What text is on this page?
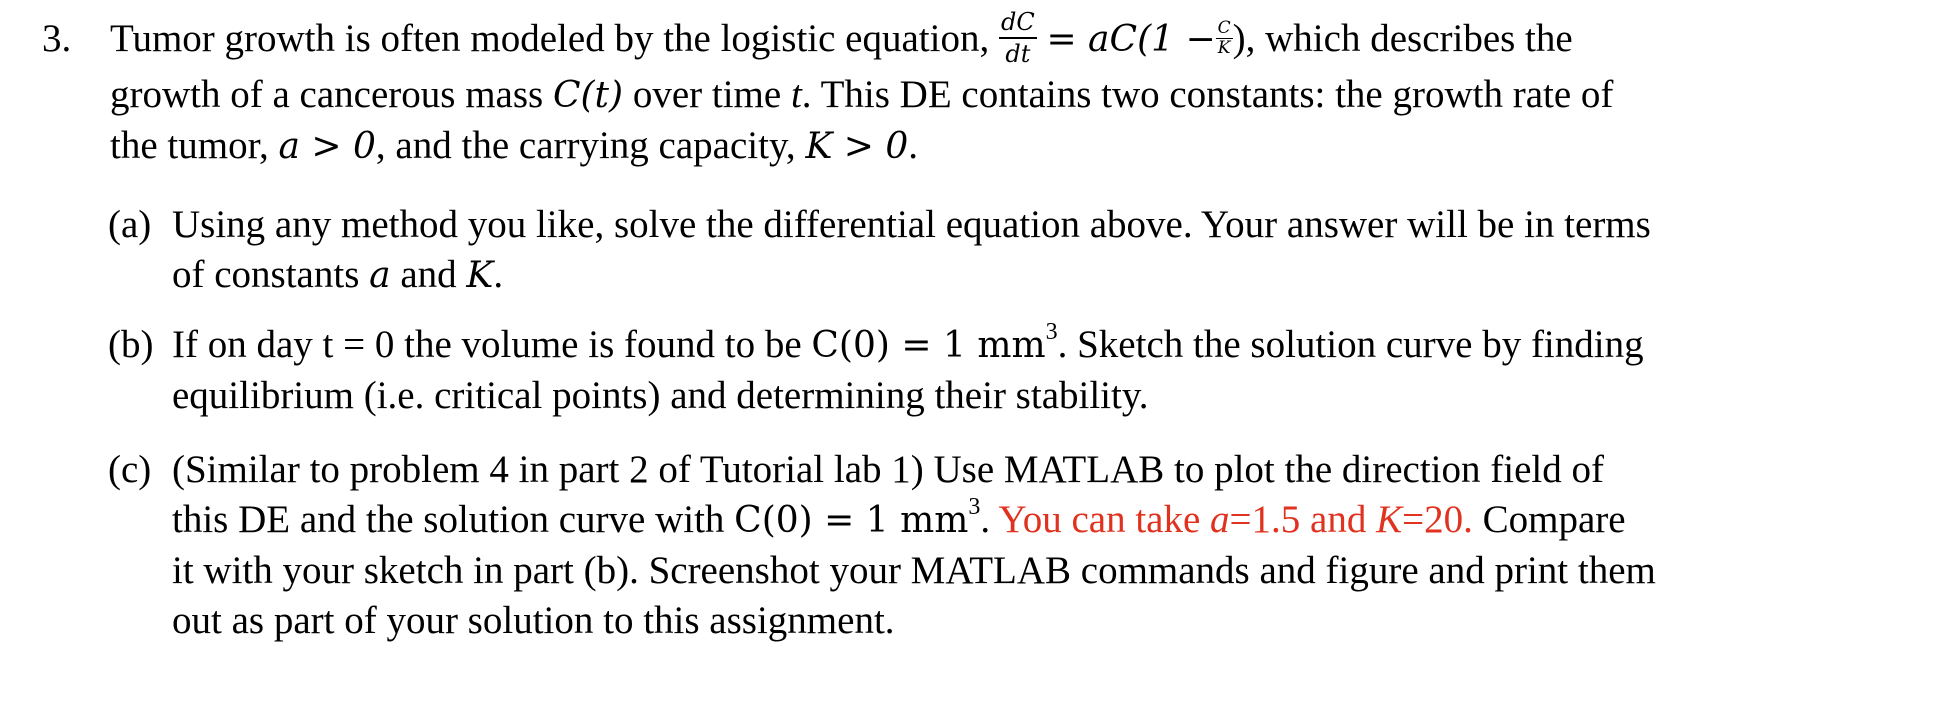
3. Tumor growth is often modeled by the logistic equation, $\frac{dC}{dt} = aC(1 - \frac{C}{K}$ ), which describes the
growth of a cancerous mass C(t) over time t. This DE contains two constants: the growth rate of
the tumor, a > 0, and the carrying capacity, K > 0.
(a) Using any method you like, solve the differential equation above. Your answer will be in terms
of constants a and K.
(b) If on day t = 0 the volume is found to be C(0) = 1 $mm^3$. Sketch the solution curve by finding
equilibrium (i.e. critical points) and determining their stability.
(c) (Similar to problem 4 in part 2 of Tutorial lab 1) Use MATLAB to plot the direction field of
this DE and the solution curve with C(0) = 1 $mm^3$. You can take a=1.5 and K=20. Compare
it with your sketch in part (b). Screenshot your MATLAB commands and figure and print them
out as part of your solution to this assignment.
